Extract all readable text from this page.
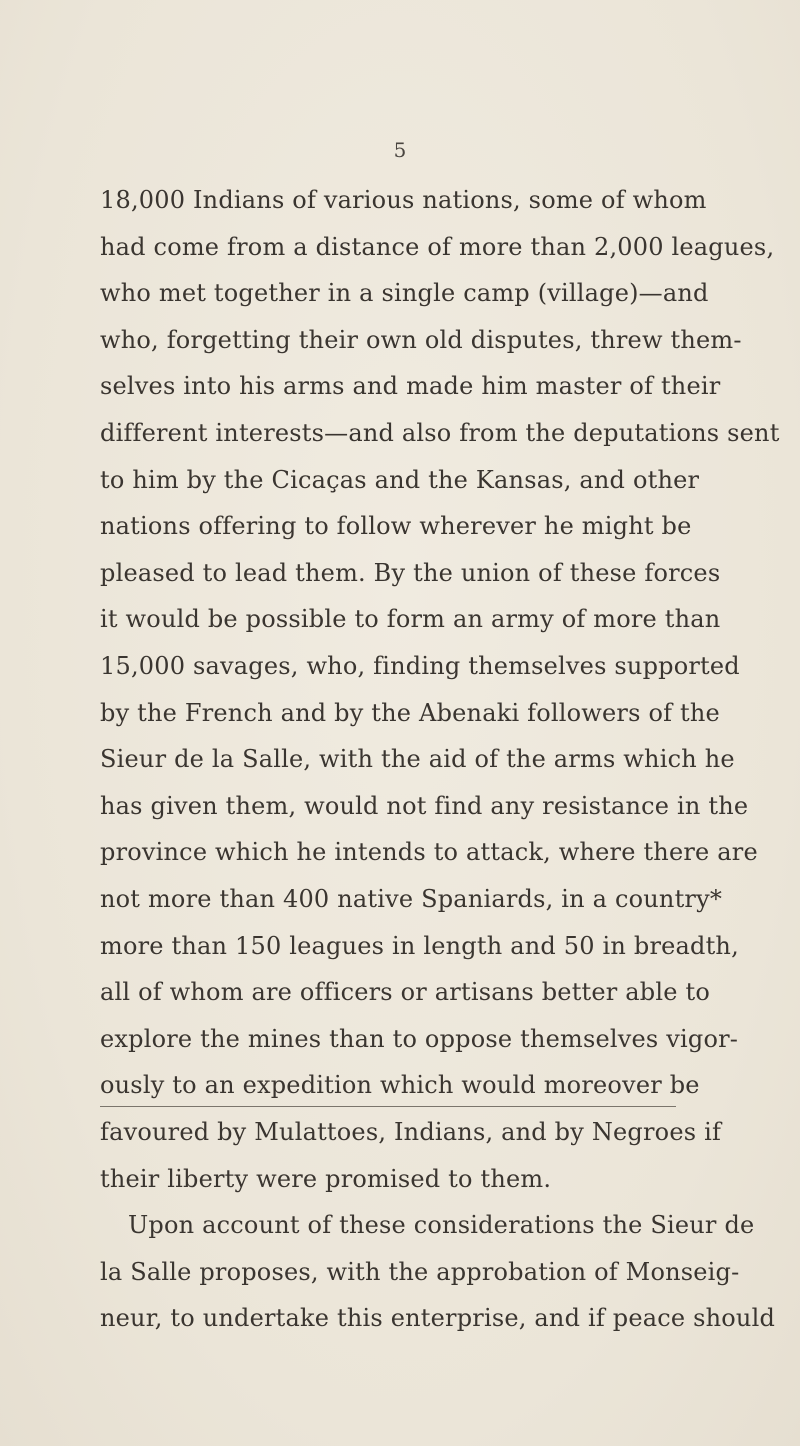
5
18,000 Indians of various nations, some of whom
had come from a distance of more than 2,000 leagues,
who met together in a single camp (village)—and
who, forgetting their own old disputes, threw them-
selves into his arms and made him master of their
different interests—and also from the deputations sent
to him by the Cicaças and the Kansas, and other
nations offering to follow wherever he might be
pleased to lead them. By the union of these forces
it would be possible to form an army of more than
15,000 savages, who, finding themselves supported
by the French and by the Abenaki followers of the
Sieur de la Salle, with the aid of the arms which he
has given them, would not find any resistance in the
province which he intends to attack, where there are
not more than 400 native Spaniards, in a country*
more than 150 leagues in length and 50 in breadth,
all of whom are officers or artisans better able to
explore the mines than to oppose themselves vigor-
ously to an expedition which would moreover be
favoured by Mulattoes, Indians, and by Negroes if
their liberty were promised to them.
Upon account of these considerations the Sieur de
la Salle proposes, with the approbation of Monseig-
neur, to undertake this enterprise, and if peace should
